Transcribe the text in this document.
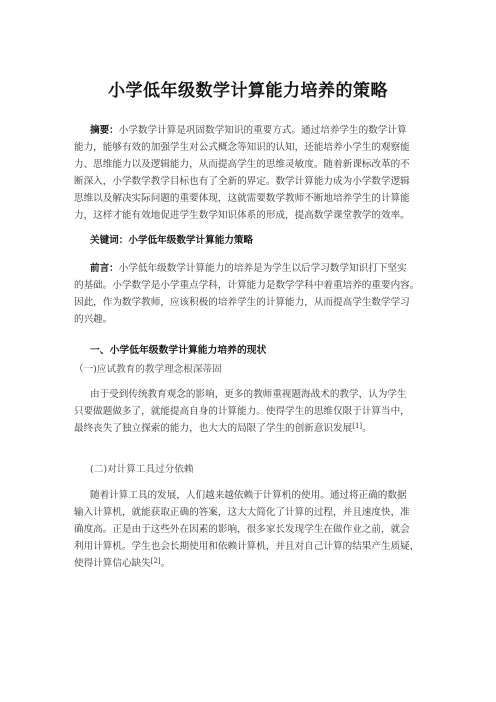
小学低年级数学计算能力培养的策略
摘要：小学数学计算是巩固数学知识的重要方式。通过培养学生的数学计算
能力，能够有效的加强学生对公式概念等知识的认知，还能培养小学生的观察能
力、思维能力以及逻辑能力，从而提高学生的思维灵敏度。随着新课标改革的不
断深入，小学数学教学目标也有了全新的界定。数学计算能力成为小学数学逻辑
思维以及解决实际问题的重要体现，这就需要数学教师不断地培养学生的计算能
力，这样才能有效地促进学生数学知识体系的形成，提高数学课堂教学的效率。
关键词：小学低年级数学计算能力策略
前言：小学低年级数学计算能力的培养是为学生以后学习数学知识打下坚实
的基础。小学数学是小学重点学科，计算能力是数学学科中着重培养的重要内容。
因此，作为数学教师，应该积极的培养学生的计算能力，从而提高学生数学学习
的兴趣。
一、小学低年级数学计算能力培养的现状
（一)应试教育的教学理念根深蒂固
由于受到传统教育观念的影响，更多的教师重视题海战术的教学，认为学生
只要做题做多了，就能提高自身的计算能力。使得学生的思维仅限于计算当中，
最终丧失了独立探索的能力，也大大的局限了学生的创新意识发展[1]。
(二)对计算工具过分依赖
随着计算工具的发展，人们越来越依赖于计算机的使用。通过将正确的数据
输入计算机，就能获取正确的答案，这大大简化了计算的过程，并且速度快，准
确度高。正是由于这些外在因素的影响，很多家长发现学生在做作业之前，就会
利用计算机。学生也会长期使用和依赖计算机，并且对自己计算的结果产生质疑，
使得计算信心缺失[2]。
